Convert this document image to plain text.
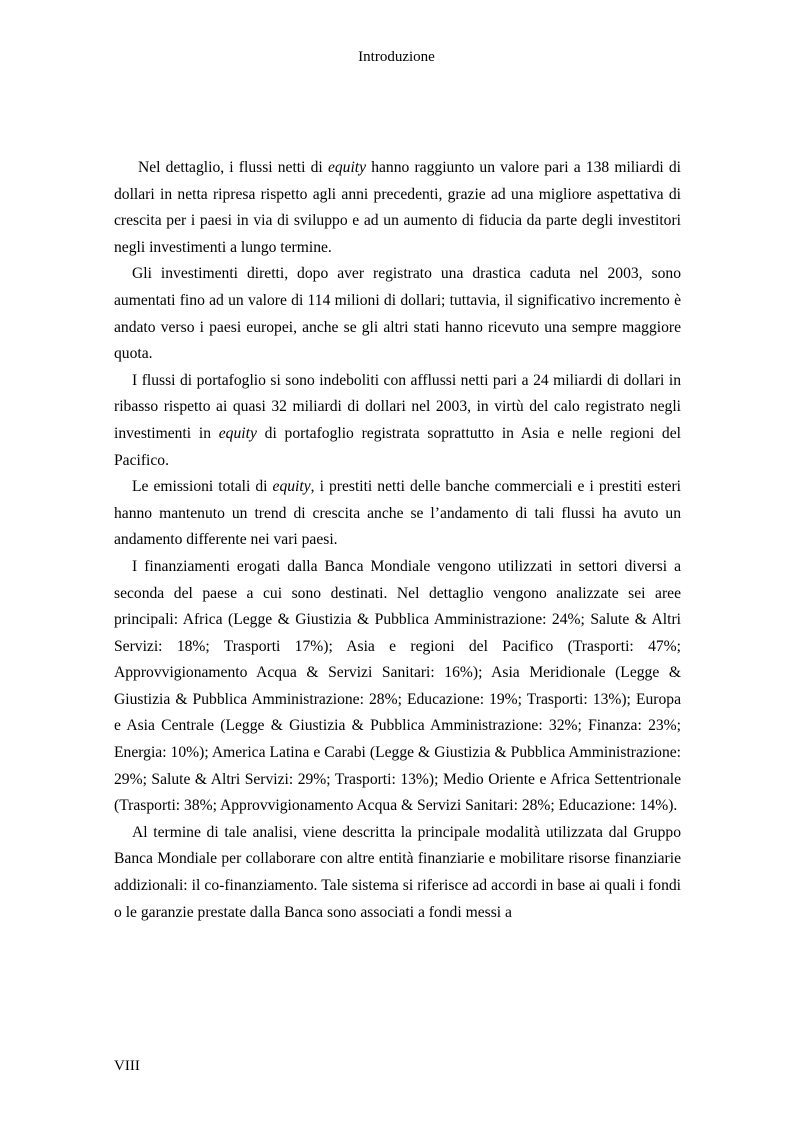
Introduzione

Nel dettaglio, i flussi netti di equity hanno raggiunto un valore pari a 138 miliardi di dollari in netta ripresa rispetto agli anni precedenti, grazie ad una migliore aspettativa di crescita per i paesi in via di sviluppo e ad un aumento di fiducia da parte degli investitori negli investimenti a lungo termine.

Gli investimenti diretti, dopo aver registrato una drastica caduta nel 2003, sono aumentati fino ad un valore di 114 milioni di dollari; tuttavia, il significativo incremento è andato verso i paesi europei, anche se gli altri stati hanno ricevuto una sempre maggiore quota.

I flussi di portafoglio si sono indeboliti con afflussi netti pari a 24 miliardi di dollari in ribasso rispetto ai quasi 32 miliardi di dollari nel 2003, in virtù del calo registrato negli investimenti in equity di portafoglio registrata soprattutto in Asia e nelle regioni del Pacifico.

Le emissioni totali di equity, i prestiti netti delle banche commerciali e i prestiti esteri hanno mantenuto un trend di crescita anche se l’andamento di tali flussi ha avuto un andamento differente nei vari paesi.

I finanziamenti erogati dalla Banca Mondiale vengono utilizzati in settori diversi a seconda del paese a cui sono destinati. Nel dettaglio vengono analizzate sei aree principali: Africa (Legge & Giustizia & Pubblica Amministrazione: 24%; Salute & Altri Servizi: 18%; Trasporti 17%); Asia e regioni del Pacifico (Trasporti: 47%; Approvvigionamento Acqua & Servizi Sanitari: 16%); Asia Meridionale (Legge & Giustizia & Pubblica Amministrazione: 28%; Educazione: 19%; Trasporti: 13%); Europa e Asia Centrale (Legge & Giustizia & Pubblica Amministrazione: 32%; Finanza: 23%; Energia: 10%); America Latina e Carabi (Legge & Giustizia & Pubblica Amministrazione: 29%; Salute & Altri Servizi: 29%; Trasporti: 13%); Medio Oriente e Africa Settentrionale (Trasporti: 38%; Approvvigionamento Acqua & Servizi Sanitari: 28%; Educazione: 14%).

Al termine di tale analisi, viene descritta la principale modalità utilizzata dal Gruppo Banca Mondiale per collaborare con altre entità finanziarie e mobilitare risorse finanziarie addizionali: il co-finanziamento. Tale sistema si riferisce ad accordi in base ai quali i fondi o le garanzie prestate dalla Banca sono associati a fondi messi a

VIII
